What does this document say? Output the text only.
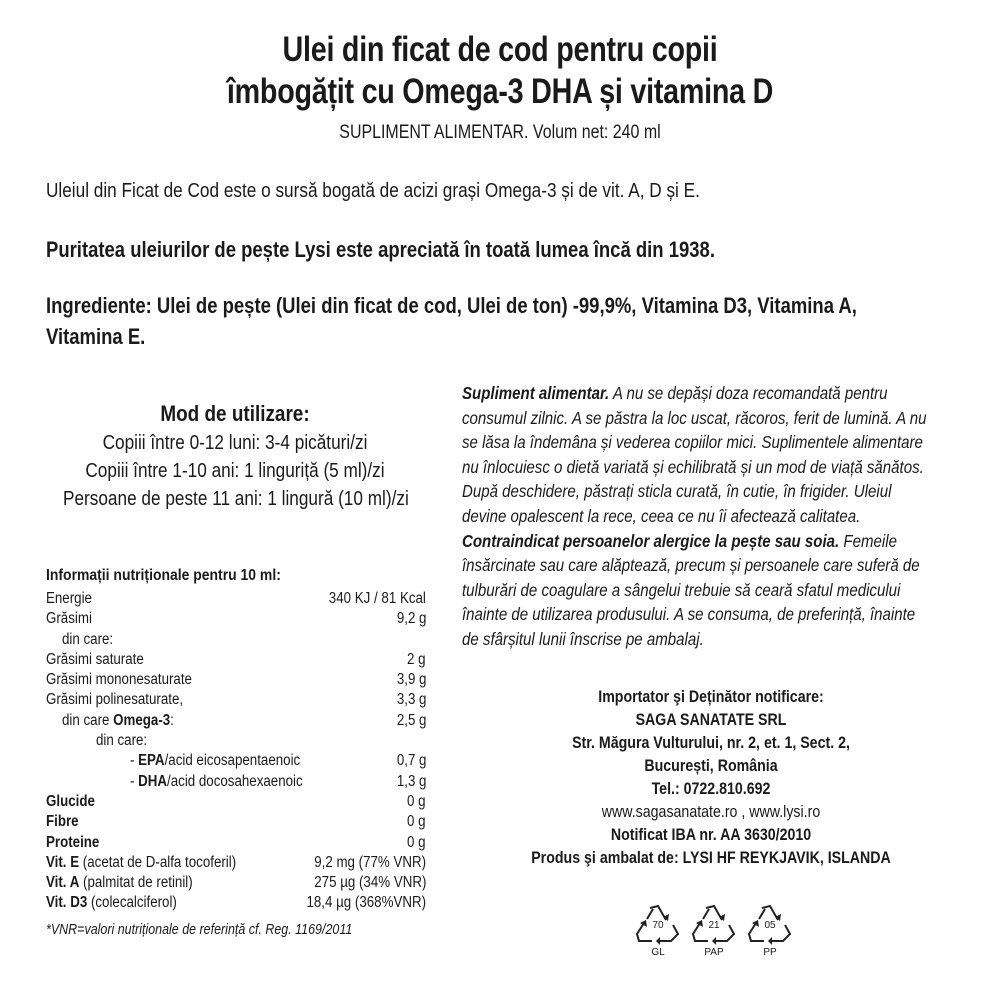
Ulei din ficat de cod pentru copii
îmbogățit cu Omega-3 DHA și vitamina D
SUPLIMENT ALIMENTAR. Volum net: 240 ml
Uleiul din Ficat de Cod este o sursă bogată de acizi grași Omega-3 și de vit. A, D și E.
Puritatea uleiurilor de pește Lysi este apreciată în toată lumea încă din 1938.
Ingrediente: Ulei de pește (Ulei din ficat de cod, Ulei de ton) -99,9%, Vitamina D3, Vitamina A,
Vitamina E.
Mod de utilizare:
Copiii între 0-12 luni: 3-4 picături/zi
Copiii între 1-10 ani: 1 linguriță (5 ml)/zi
Persoane de peste 11 ani: 1 lingură (10 ml)/zi
Informații nutriționale pentru 10 ml:
Energie	340 KJ / 81 Kcal
Grăsimi	9,2 g
din care:
Grăsimi saturate	2 g
Grăsimi mononesaturate	3,9 g
Grăsimi polinesaturate,	3,3 g
din care Omega-3:	2,5 g
din care:
- EPA/acid eicosapentaenoic	0,7 g
- DHA/acid docosahexaenoic	1,3 g
Glucide	0 g
Fibre	0 g
Proteine	0 g
Vit. E (acetat de D-alfa tocoferil)	9,2 mg (77% VNR)
Vit. A (palmitat de retinil)	275 µg (34% VNR)
Vit. D3 (colecalciferol)	18,4 µg (368%VNR)
*VNR=valori nutriționale de referință cf. Reg. 1169/2011
Supliment alimentar. A nu se depăși doza recomandată pentru
consumul zilnic. A se păstra la loc uscat, răcoros, ferit de lumină. A nu
se lăsa la îndemâna și vederea copiilor mici. Suplimentele alimentare
nu înlocuiesc o dietă variată și echilibrată și un mod de viață sănătos.
După deschidere, păstrați sticla curată, în cutie, în frigider. Uleiul
devine opalescent la rece, ceea ce nu îi afectează calitatea.
Contraindicat persoanelor alergice la pește sau soia. Femeile
însărcinate sau care alăptează, precum și persoanele care suferă de
tulburări de coagulare a sângelui trebuie să ceară sfatul medicului
înainte de utilizarea produsului. A se consuma, de preferință, înainte
de sfârșitul lunii înscrise pe ambalaj.
Importator şi Deținător notificare:
SAGA SANATATE SRL
Str. Măgura Vulturului, nr. 2, et. 1, Sect. 2,
București, România
Tel.: 0722.810.692
www.sagasanatate.ro , www.lysi.ro
Notificat IBA nr. AA 3630/2010
Produs şi ambalat de: LYSI HF REYKJAVIK, ISLANDA
70
GL
21
PAP
05
PP
